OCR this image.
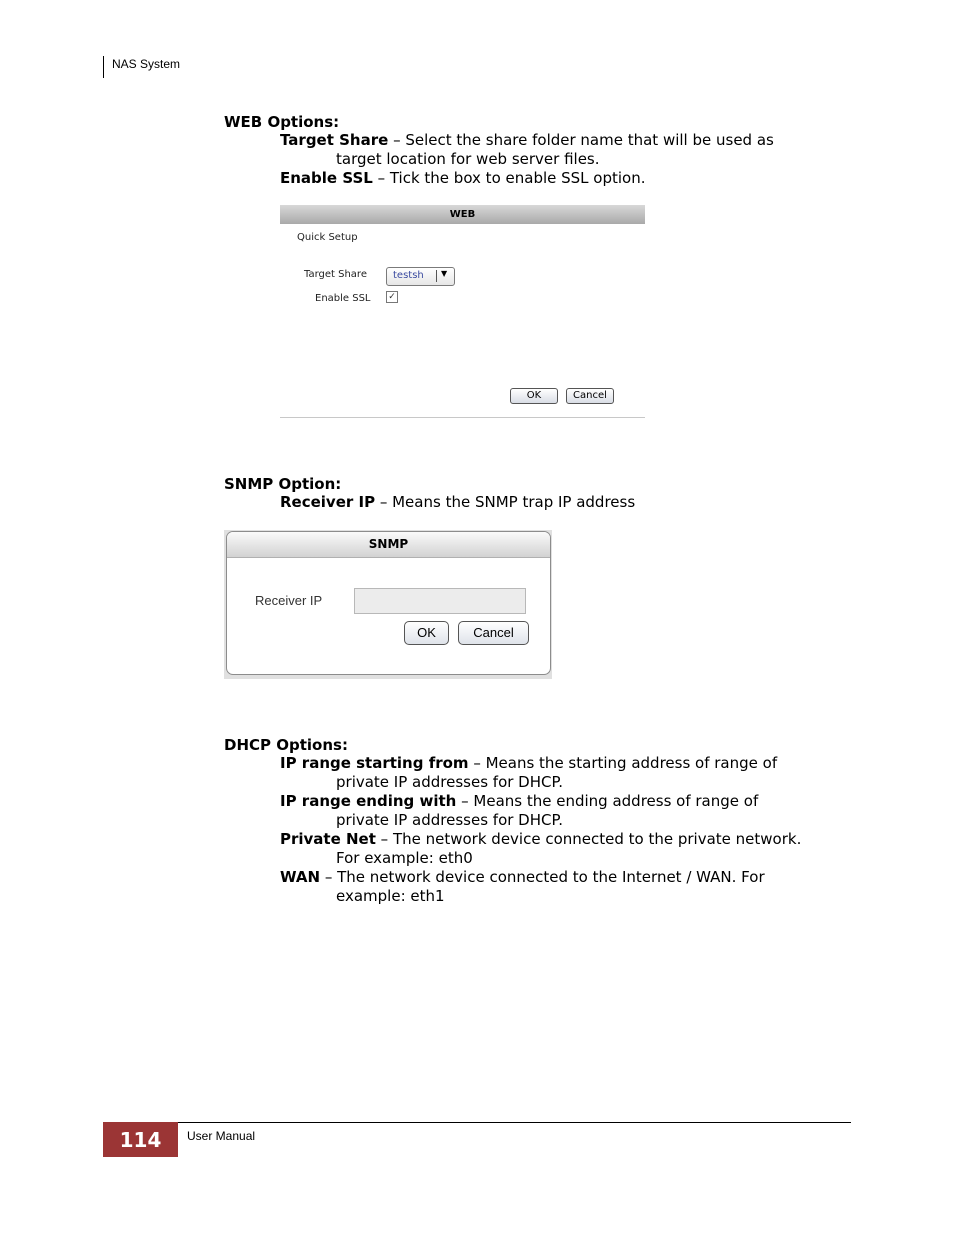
NAS System
WEB Options:
Target Share – Select the share folder name that will be used as
target location for web server files.
Enable SSL – Tick the box to enable SSL option.
WEB
Quick Setup
Target Share	testsh ▼
Enable SSL ✓
OK	Cancel
SNMP Option:
Receiver IP – Means the SNMP trap IP address
SNMP
Receiver IP
OK	Cancel
DHCP Options:
IP range starting from – Means the starting address of range of
private IP addresses for DHCP.
IP range ending with – Means the ending address of range of
private IP addresses for DHCP.
Private Net – The network device connected to the private network.
For example: eth0
WAN – The network device connected to the Internet / WAN. For
example: eth1
114	User Manual
